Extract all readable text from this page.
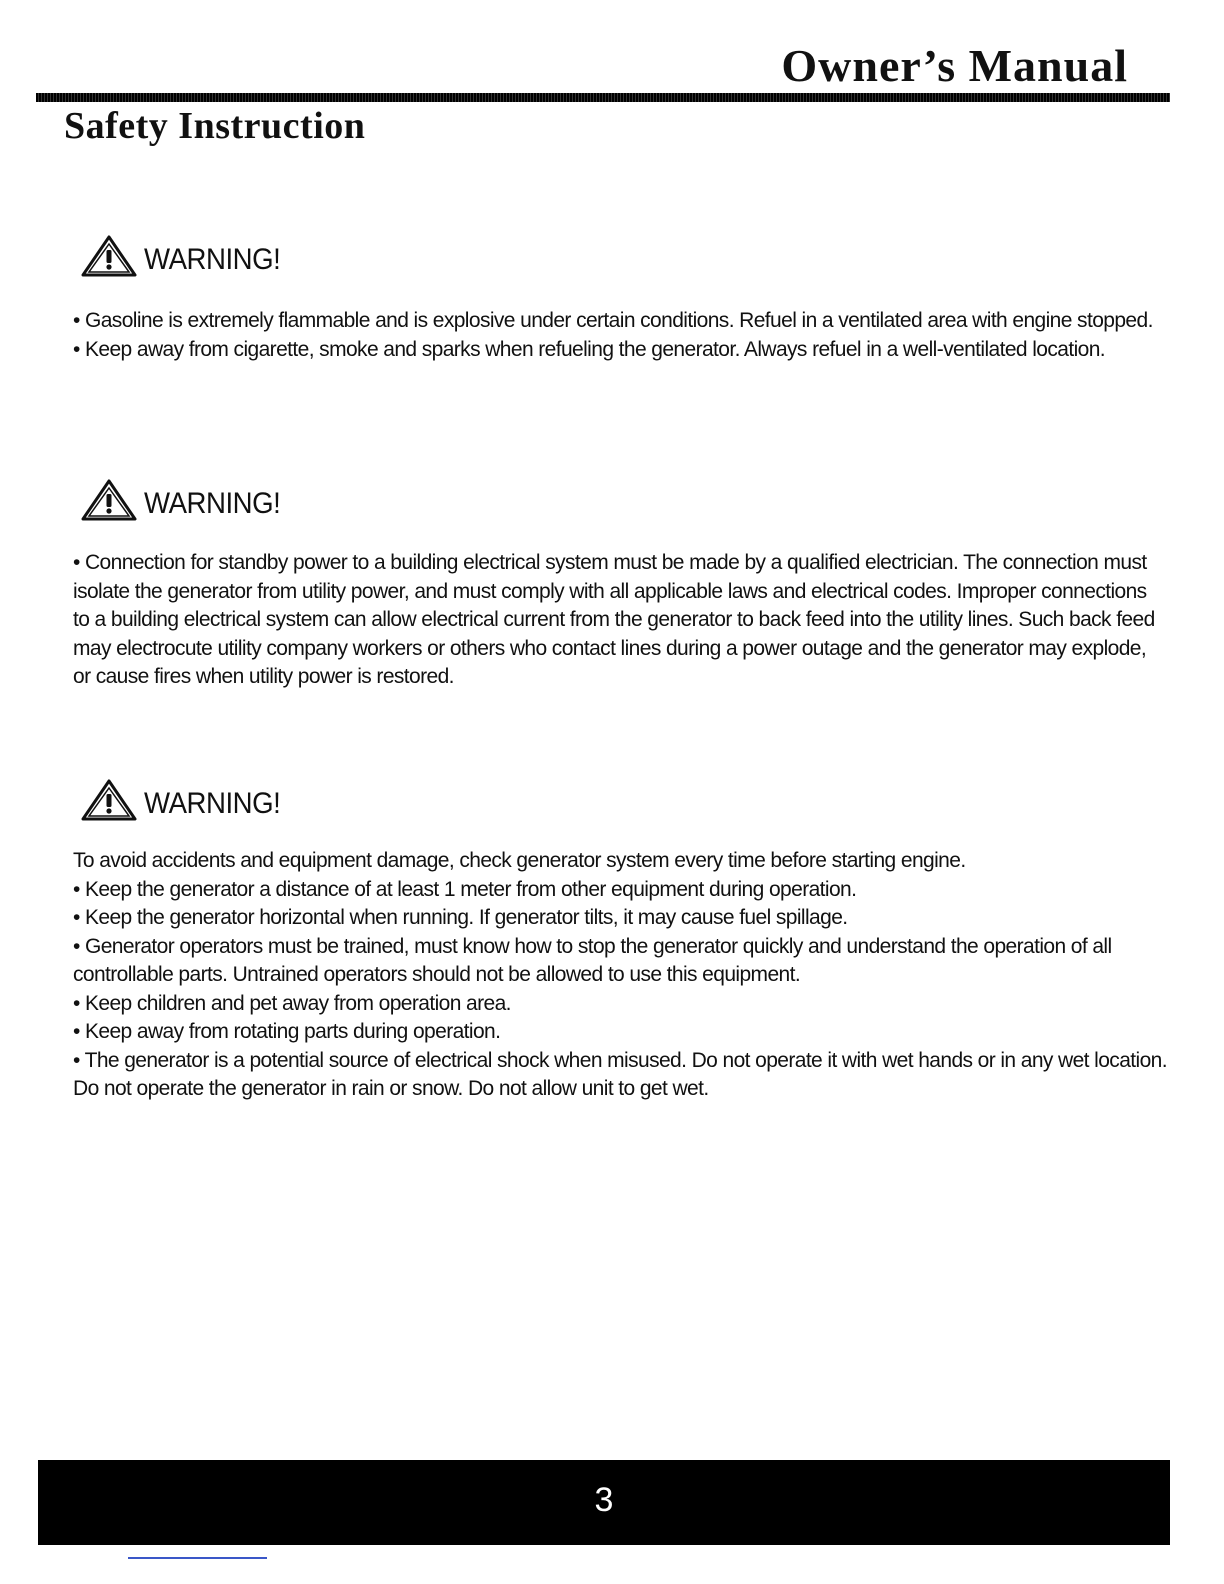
Owner’s Manual
Safety Instruction
WARNING!

• Gasoline is extremely flammable and is explosive under certain conditions. Refuel in a ventilated area with engine stopped.

• Keep away from cigarette, smoke and sparks when refueling the generator. Always refuel in a well-ventilated location.

WARNING!

• Connection for standby power to a building electrical system must be made by a qualified electrician. The connection must

isolate the generator from utility power, and must comply with all applicable laws and electrical codes. Improper connections

to a building electrical system can allow electrical current from the generator to back feed into the utility lines. Such back feed

may electrocute utility company workers or others who contact lines during a power outage and the generator may explode,

or cause fires when utility power is restored.

WARNING!

To avoid accidents and equipment damage, check generator system every time before starting engine.

• Keep the generator a distance of at least 1 meter from other equipment during operation.

• Keep the generator horizontal when running. If generator tilts, it may cause fuel spillage.

• Generator operators must be trained, must know how to stop the generator quickly and understand the operation of all

controllable parts. Untrained operators should not be allowed to use this equipment.

• Keep children and pet away from operation area.

• Keep away from rotating parts during operation.

• The generator is a potential source of electrical shock when misused. Do not operate it with wet hands or in any wet location.

Do not operate the generator in rain or snow. Do not allow unit to get wet.

3
